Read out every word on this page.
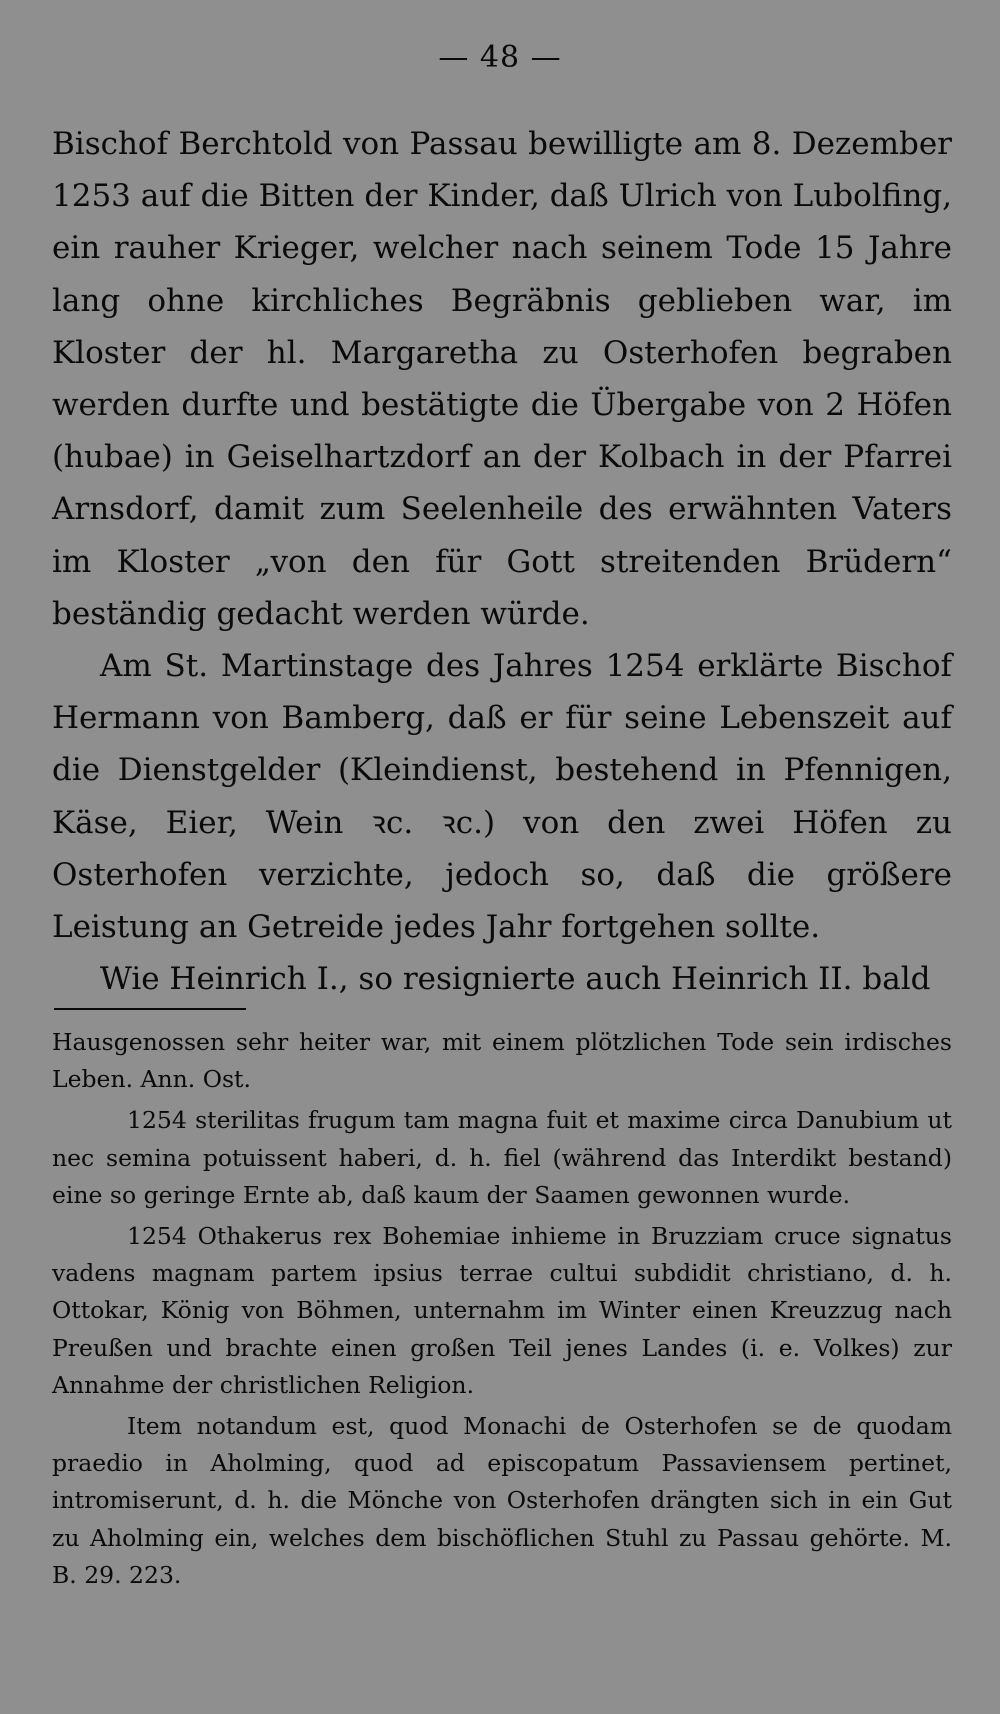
— 48 —

Bischof Berchtold von Passau bewilligte am 8. Dezember 1253 auf die Bitten der Kinder, daß Ulrich von Lubolfing, ein rauher Krieger, welcher nach seinem Tode 15 Jahre lang ohne kirchliches Begräbnis geblieben war, im Kloster der hl. Margaretha zu Osterhofen begraben werden durfte und bestätigte die Übergabe von 2 Höfen (hubae) in Geiselhartzdorf an der Kolbach in der Pfarrei Arnsdorf, damit zum Seelenheile des erwähnten Vaters im Kloster „von den für Gott streitenden Brüdern“ beständig gedacht werden würde.

Am St. Martinstage des Jahres 1254 erklärte Bischof Hermann von Bamberg, daß er für seine Lebenszeit auf die Dienstgelder (Kleindienst, bestehend in Pfennigen, Käse, Eier, Wein ꝛc. ꝛc.) von den zwei Höfen zu Osterhofen verzichte, jedoch so, daß die größere Leistung an Getreide jedes Jahr fortgehen sollte.

Wie Heinrich I., so resignierte auch Heinrich II. bald

Hausgenossen sehr heiter war, mit einem plötzlichen Tode sein irdisches Leben. Ann. Ost.

1254 sterilitas frugum tam magna fuit et maxime circa Danubium ut nec semina potuissent haberi, d. h. fiel (während das Interdikt bestand) eine so geringe Ernte ab, daß kaum der Saamen gewonnen wurde.

1254 Othakerus rex Bohemiae inhieme in Bruzziam cruce signatus vadens magnam partem ipsius terrae cultui subdidit christiano, d. h. Ottokar, König von Böhmen, unternahm im Winter einen Kreuzzug nach Preußen und brachte einen großen Teil jenes Landes (i. e. Volkes) zur Annahme der christlichen Religion.

Item notandum est, quod Monachi de Osterhofen se de quodam praedio in Aholming, quod ad episcopatum Passaviensem pertinet, intromiserunt, d. h. die Mönche von Osterhofen drängten sich in ein Gut zu Aholming ein, welches dem bischöflichen Stuhl zu Passau gehörte. M. B. 29. 223.
